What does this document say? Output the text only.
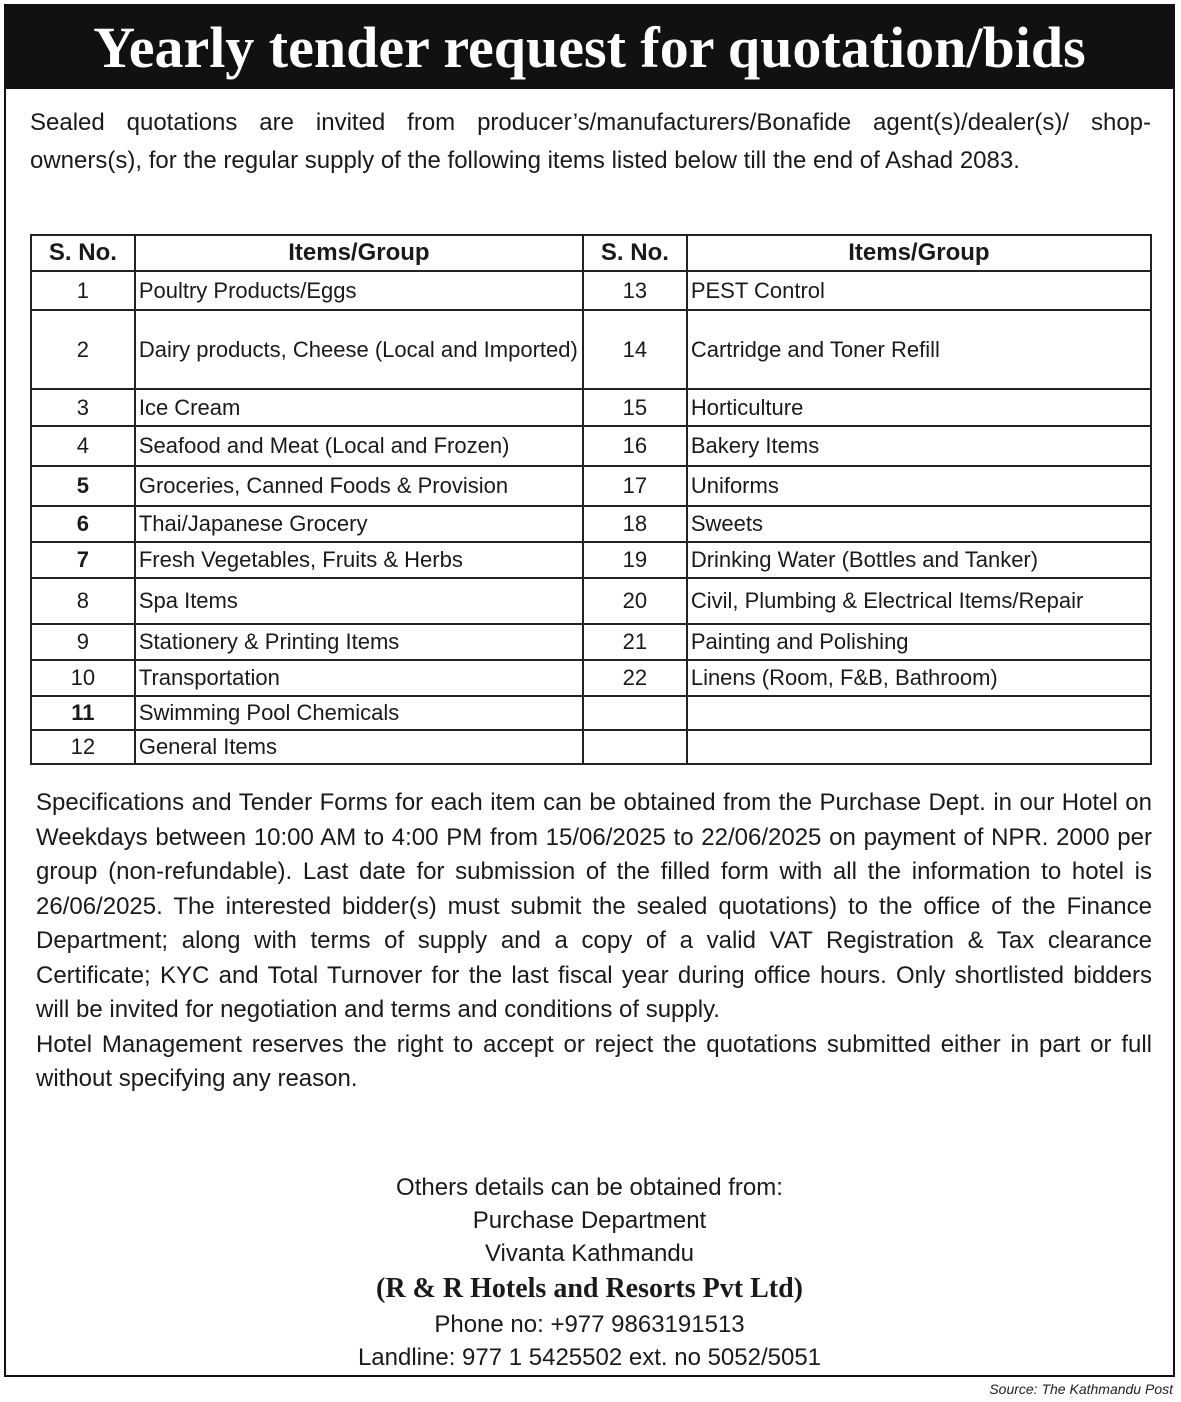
Yearly tender request for quotation/bids
Sealed quotations are invited from producer’s/manufacturers/Bonafide agent(s)/dealer(s)/ shop-owners(s), for the regular supply of the following items listed below till the end of Ashad 2083.
S. No.	Items/Group	S. No.	Items/Group
1	Poultry Products/Eggs	13	PEST Control
2	Dairy products, Cheese (Local and Imported)	14	Cartridge and Toner Refill
3	Ice Cream	15	Horticulture
4	Seafood and Meat (Local and Frozen)	16	Bakery Items
5	Groceries, Canned Foods & Provision	17	Uniforms
6	Thai/Japanese Grocery	18	Sweets
7	Fresh Vegetables, Fruits & Herbs	19	Drinking Water (Bottles and Tanker)
8	Spa Items	20	Civil, Plumbing & Electrical Items/Repair
9	Stationery & Printing Items	21	Painting and Polishing
10	Transportation	22	Linens (Room, F&B, Bathroom)
11	Swimming Pool Chemicals		
12	General Items		

Specifications and Tender Forms for each item can be obtained from the Purchase Dept. in our Hotel on Weekdays between 10:00 AM to 4:00 PM from 15/06/2025 to 22/06/2025 on payment of NPR. 2000 per group (non-refundable). Last date for submission of the filled form with all the information to hotel is 26/06/2025. The interested bidder(s) must submit the sealed quotations) to the office of the Finance Department; along with terms of supply and a copy of a valid VAT Registration & Tax clearance Certificate; KYC and Total Turnover for the last fiscal year during office hours. Only shortlisted bidders will be invited for negotiation and terms and conditions of supply.

Hotel Management reserves the right to accept or reject the quotations submitted either in part or full without specifying any reason.

Others details can be obtained from:
Purchase Department
Vivanta Kathmandu
(R & R Hotels and Resorts Pvt Ltd)
Phone no: +977 9863191513
Landline: 977 1 5425502 ext. no 5052/5051
Source: The Kathmandu Post
